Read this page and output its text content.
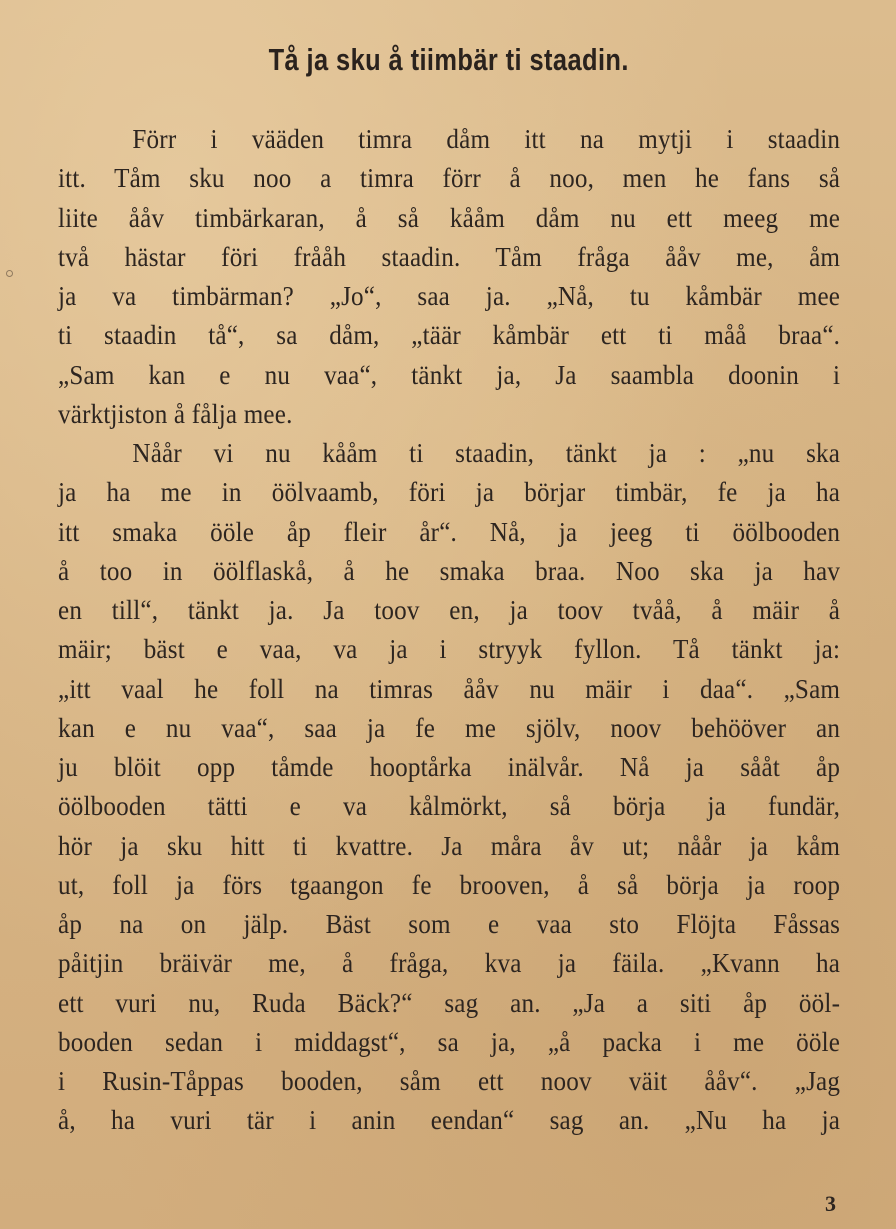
Tå ja sku å tiimbär ti staadin.
Förr i vääden timra dåm itt na mytji i staadin
itt. Tåm sku noo a timra förr å noo, men he fans så
liite ååv timbärkaran, å så kååm dåm nu ett meeg me
två hästar föri frååh staadin. Tåm fråga ååv me, åm
ja va timbärman? „Jo“, saa ja. „Nå, tu kåmbär mee
ti staadin tå“, sa dåm, „täär kåmbär ett ti måå braa“.
„Sam kan e nu vaa“, tänkt ja, Ja saambla doonin i
värktjiston å fålja mee.
Nåår vi nu kååm ti staadin, tänkt ja : „nu ska
ja ha me in öölvaamb, föri ja börjar timbär, fe ja ha
itt smaka ööle åp fleir år“. Nå, ja jeeg ti öölbooden
å too in öölflaskå, å he smaka braa. Noo ska ja hav
en till“, tänkt ja. Ja toov en, ja toov tvåå, å mäir å
mäir; bäst e vaa, va ja i stryyk fyllon. Tå tänkt ja:
„itt vaal he foll na timras ååv nu mäir i daa“. „Sam
kan e nu vaa“, saa ja fe me sjölv, noov behööver an
ju blöit opp tåmde hooptårka inälvår. Nå ja sååt åp
öölbooden tätti e va kålmörkt, så börja ja fundär,
hör ja sku hitt ti kvattre. Ja måra åv ut; nåår ja kåm
ut, foll ja förs tgaangon fe brooven, å så börja ja roop
åp na on jälp. Bäst som e vaa sto Flöjta Fåssas
påitjin bräivär me, å fråga, kva ja fäila. „Kvann ha
ett vuri nu, Ruda Bäck?“ sag an. „Ja a siti åp ööl-
booden sedan i middagst“, sa ja, „å packa i me ööle
i Rusin-Tåppas booden, såm ett noov väit ååv“. „Jag
å, ha vuri tär i anin eendan“ sag an. „Nu ha ja
3
